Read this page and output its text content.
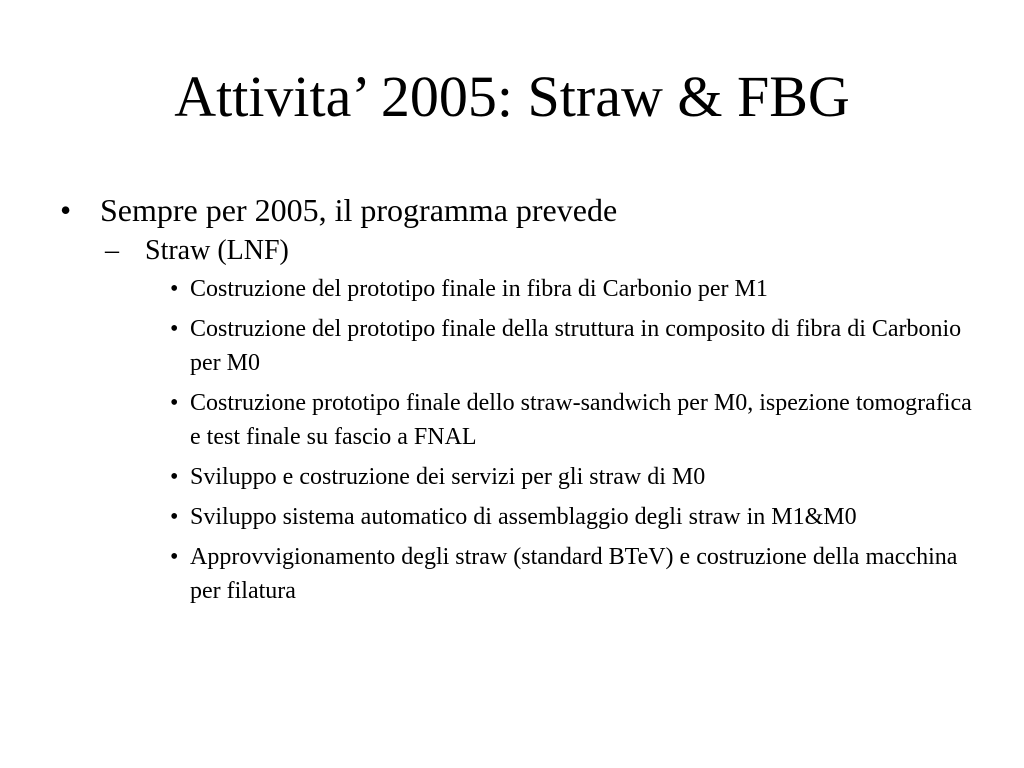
Attivita’ 2005: Straw & FBG
• Sempre per 2005, il programma prevede
– Straw (LNF)
• Costruzione del prototipo finale in fibra di Carbonio per M1
• Costruzione del prototipo finale della struttura in composito di fibra di Carbonio per M0
• Costruzione prototipo finale dello straw-sandwich per M0, ispezione tomografica e test finale su fascio a FNAL
• Sviluppo e costruzione dei servizi per gli straw di M0
• Sviluppo sistema automatico di assemblaggio degli straw in M1&M0
• Approvvigionamento degli straw (standard BTeV) e costruzione della macchina per filatura
